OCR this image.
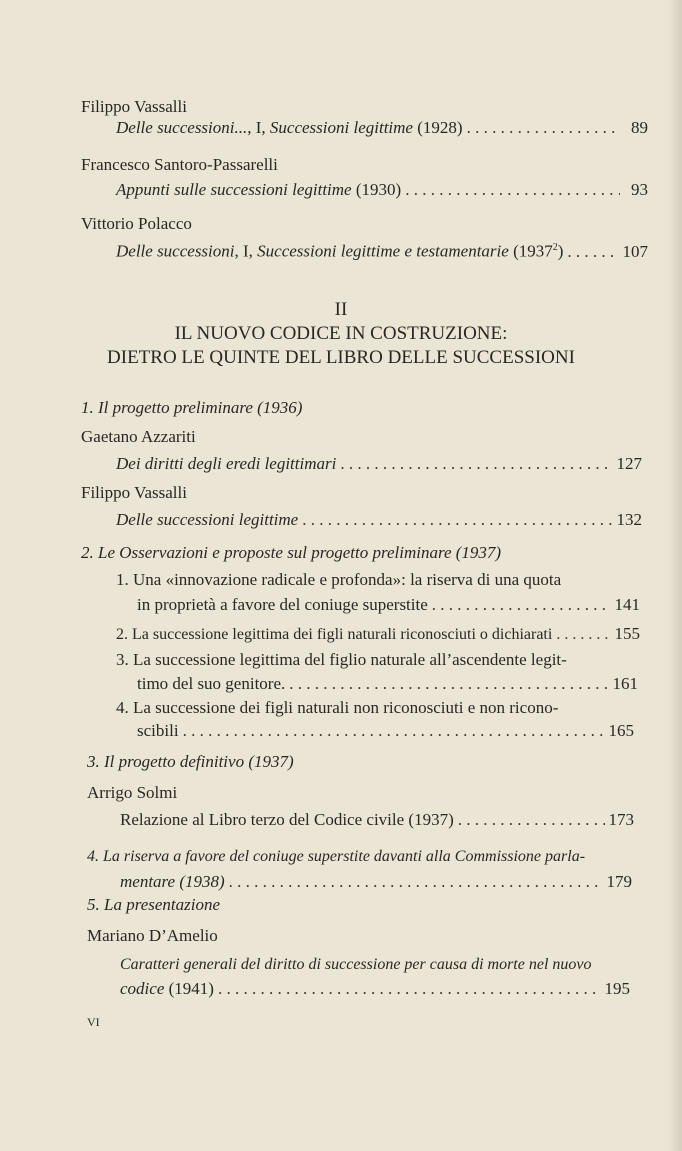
Filippo Vassalli
Delle successioni..., I, Successioni legittime (1928) . . .	89
Francesco Santoro-Passarelli
Appunti sulle successioni legittime (1930) . . .	93
Vittorio Polacco
Delle successioni, I, Successioni legittime e testamentarie (1937$^2$) . . .	107
II
IL NUOVO CODICE IN COSTRUZIONE:
DIETRO LE QUINTE DEL LIBRO DELLE SUCCESSIONI
1. Il progetto preliminare (1936)
Gaetano Azzariti
Dei diritti degli eredi legittimari . . .	127
Filippo Vassalli
Delle successioni legittime . . .	132
2. Le Osservazioni e proposte sul progetto preliminare (1937)
1. Una «innovazione radicale e profonda»: la riserva di una quota
in proprietà a favore del coniuge superstite . . .	141
2. La successione legittima dei figli naturali riconosciuti o dichiarati . . .	155
3. La successione legittima del figlio naturale all’ascendente legit-
timo del suo genitore. . . .	161
4. La successione dei figli naturali non riconosciuti e non ricono-
scibili . . .	165
3. Il progetto definitivo (1937)
Arrigo Solmi
Relazione al Libro terzo del Codice civile (1937) . . .	173
4. La riserva a favore del coniuge superstite davanti alla Commissione parla-
mentare (1938) . . .	179
5. La presentazione
Mariano D’Amelio
Caratteri generali del diritto di successione per causa di morte nel nuovo
codice (1941) . . .	195
VI
